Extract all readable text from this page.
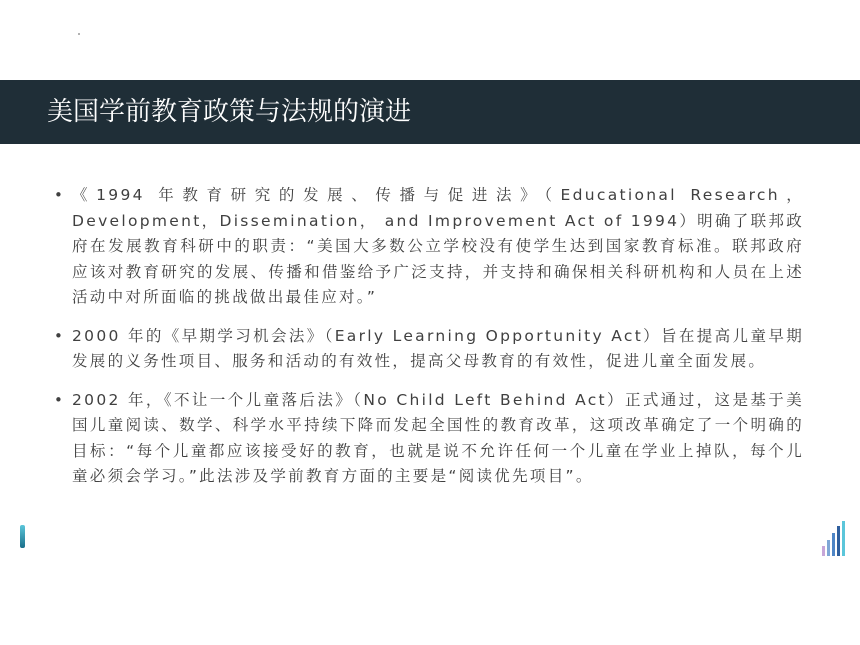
美国学前教育政策与法规的演进
• 《1994 年教育研究的发展、传播与促进法》（Educational Research，Development，Dissemination， and Improvement Act of 1994）明确了联邦政府在发展教育科研中的职责：“美国大多数公立学校没有使学生达到国家教育标准。联邦政府应该对教育研究的发展、传播和借鉴给予广泛支持，并支持和确保相关科研机构和人员在上述活动中对所面临的挑战做出最佳应对。”
• 2000 年的《早期学习机会法》（Early Learning Opportunity Act）旨在提高儿童早期发展的义务性项目、服务和活动的有效性，提高父母教育的有效性，促进儿童全面发展。
• 2002 年，《不让一个儿童落后法》（No Child Left Behind Act）正式通过，这是基于美国儿童阅读、数学、科学水平持续下降而发起全国性的教育改革，这项改革确定了一个明确的目标：“每个儿童都应该接受好的教育，也就是说不允许任何一个儿童在学业上掉队，每个儿童必须会学习。”此法涉及学前教育方面的主要是“阅读优先项目”。
